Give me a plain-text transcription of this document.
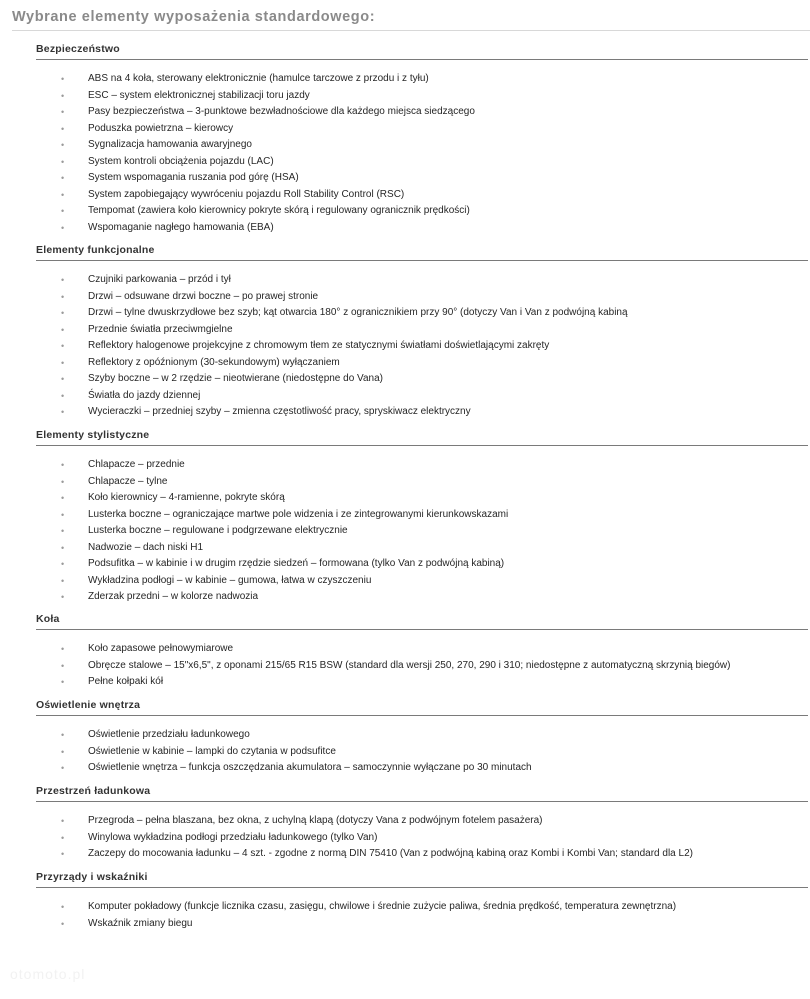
Wybrane elementy wyposażenia standardowego:
Bezpieczeństwo
• ABS na 4 koła, sterowany elektronicznie (hamulce tarczowe z przodu i z tyłu)
• ESC – system elektronicznej stabilizacji toru jazdy
• Pasy bezpieczeństwa – 3-punktowe bezwładnościowe dla każdego miejsca siedzącego
• Poduszka powietrzna – kierowcy
• Sygnalizacja hamowania awaryjnego
• System kontroli obciążenia pojazdu (LAC)
• System wspomagania ruszania pod górę (HSA)
• System zapobiegający wywróceniu pojazdu Roll Stability Control (RSC)
• Tempomat (zawiera koło kierownicy pokryte skórą i regulowany ogranicznik prędkości)
• Wspomaganie nagłego hamowania (EBA)
Elementy funkcjonalne
• Czujniki parkowania – przód i tył
• Drzwi – odsuwane drzwi boczne – po prawej stronie
• Drzwi – tylne dwuskrzydłowe bez szyb; kąt otwarcia 180° z ogranicznikiem przy 90° (dotyczy Van i Van z podwójną kabiną
• Przednie światła przeciwmgielne
• Reflektory halogenowe projekcyjne z chromowym tłem ze statycznymi światłami doświetlającymi zakręty
• Reflektory z opóźnionym (30-sekundowym) wyłączaniem
• Szyby boczne – w 2 rzędzie – nieotwierane (niedostępne do Vana)
• Światła do jazdy dziennej
• Wycieraczki – przedniej szyby – zmienna częstotliwość pracy, spryskiwacz elektryczny
Elementy stylistyczne
• Chlapacze – przednie
• Chlapacze – tylne
• Koło kierownicy – 4-ramienne, pokryte skórą
• Lusterka boczne – ograniczające martwe pole widzenia i ze zintegrowanymi kierunkowskazami
• Lusterka boczne – regulowane i podgrzewane elektrycznie
• Nadwozie – dach niski H1
• Podsufitka – w kabinie i w drugim rzędzie siedzeń – formowana (tylko Van z podwójną kabiną)
• Wykładzina podłogi – w kabinie – gumowa, łatwa w czyszczeniu
• Zderzak przedni – w kolorze nadwozia
Koła
• Koło zapasowe pełnowymiarowe
• Obręcze stalowe – 15"x6,5", z oponami 215/65 R15 BSW (standard dla wersji 250, 270, 290 i 310; niedostępne z automatyczną skrzynią biegów)
• Pełne kołpaki kół
Oświetlenie wnętrza
• Oświetlenie przedziału ładunkowego
• Oświetlenie w kabinie – lampki do czytania w podsufitce
• Oświetlenie wnętrza – funkcja oszczędzania akumulatora – samoczynnie wyłączane po 30 minutach
Przestrzeń ładunkowa
• Przegroda – pełna blaszana, bez okna, z uchylną klapą (dotyczy Vana z podwójnym fotelem pasażera)
• Winylowa wykładzina podłogi przedziału ładunkowego (tylko Van)
• Zaczepy do mocowania ładunku – 4 szt. - zgodne z normą DIN 75410 (Van z podwójną kabiną oraz Kombi i Kombi Van; standard dla L2)
Przyrządy i wskaźniki
• Komputer pokładowy (funkcje licznika czasu, zasięgu, chwilowe i średnie zużycie paliwa, średnia prędkość, temperatura zewnętrzna)
• Wskaźnik zmiany biegu
otomoto.pl
